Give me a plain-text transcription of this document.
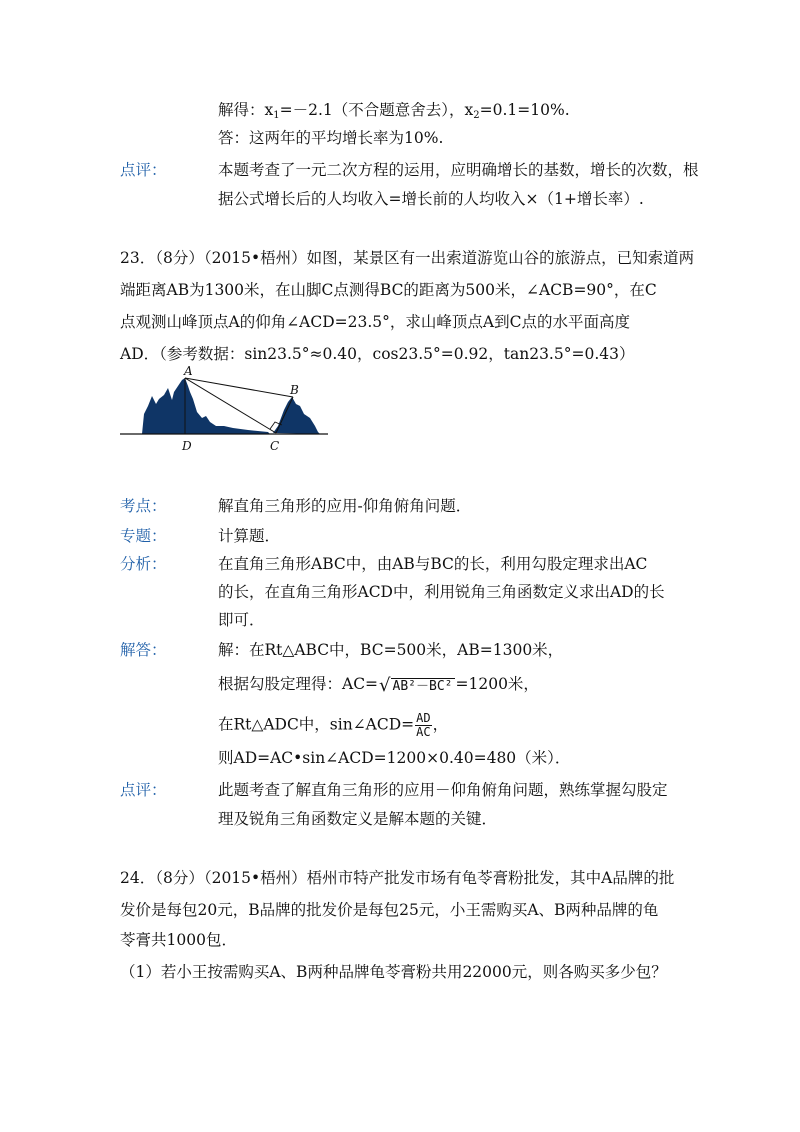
解得：$x_1=-2.1$（不合题意舍去），$x_2=0.1=10\%$.
答：这两年的平均增长率为10%.
点评：	本题考查了一元二次方程的运用，应明确增长的基数，增长的次数，根
据公式增长后的人均收入=增长前的人均收入×（1+增长率）.
23．（8分）（2015•梧州）如图，某景区有一出索道游览山谷的旅游点，已知索道两
端距离AB为1300米，在山脚C点测得BC的距离为500米，∠ACB=90°，在C
点观测山峰顶点A的仰角∠ACD=23.5°，求山峰顶点A到C点的水平面高度
AD．（参考数据：sin23.5°≈0.40，cos23.5°=0.92，tan23.5°=0.43）
A
B
C
D
考点：	解直角三角形的应用-仰角俯角问题．
专题：	计算题．
分析：	在直角三角形ABC中，由AB与BC的长，利用勾股定理求出AC
的长，在直角三角形ACD中，利用锐角三角函数定义求出AD的长
即可．
解答：	解：在Rt△ABC中，BC=500米，AB=1300米，
根据勾股定理得：AC=√ AB²－BC² =1200米，
在Rt△ADC中，sin∠ACD= $\frac{AD}{AC}$ ，
则AD=AC•sin∠ACD=1200×0.40=480（米）．
点评：	此题考查了解直角三角形的应用－仰角俯角问题，熟练掌握勾股定
理及锐角三角函数定义是解本题的关键．
24．（8分）（2015•梧州）梧州市特产批发市场有龟苓膏粉批发，其中A品牌的批
发价是每包20元，B品牌的批发价是每包25元，小王需购买A、B两种品牌的龟
苓膏共1000包．
（1）若小王按需购买A、B两种品牌龟苓膏粉共用22000元，则各购买多少包？
